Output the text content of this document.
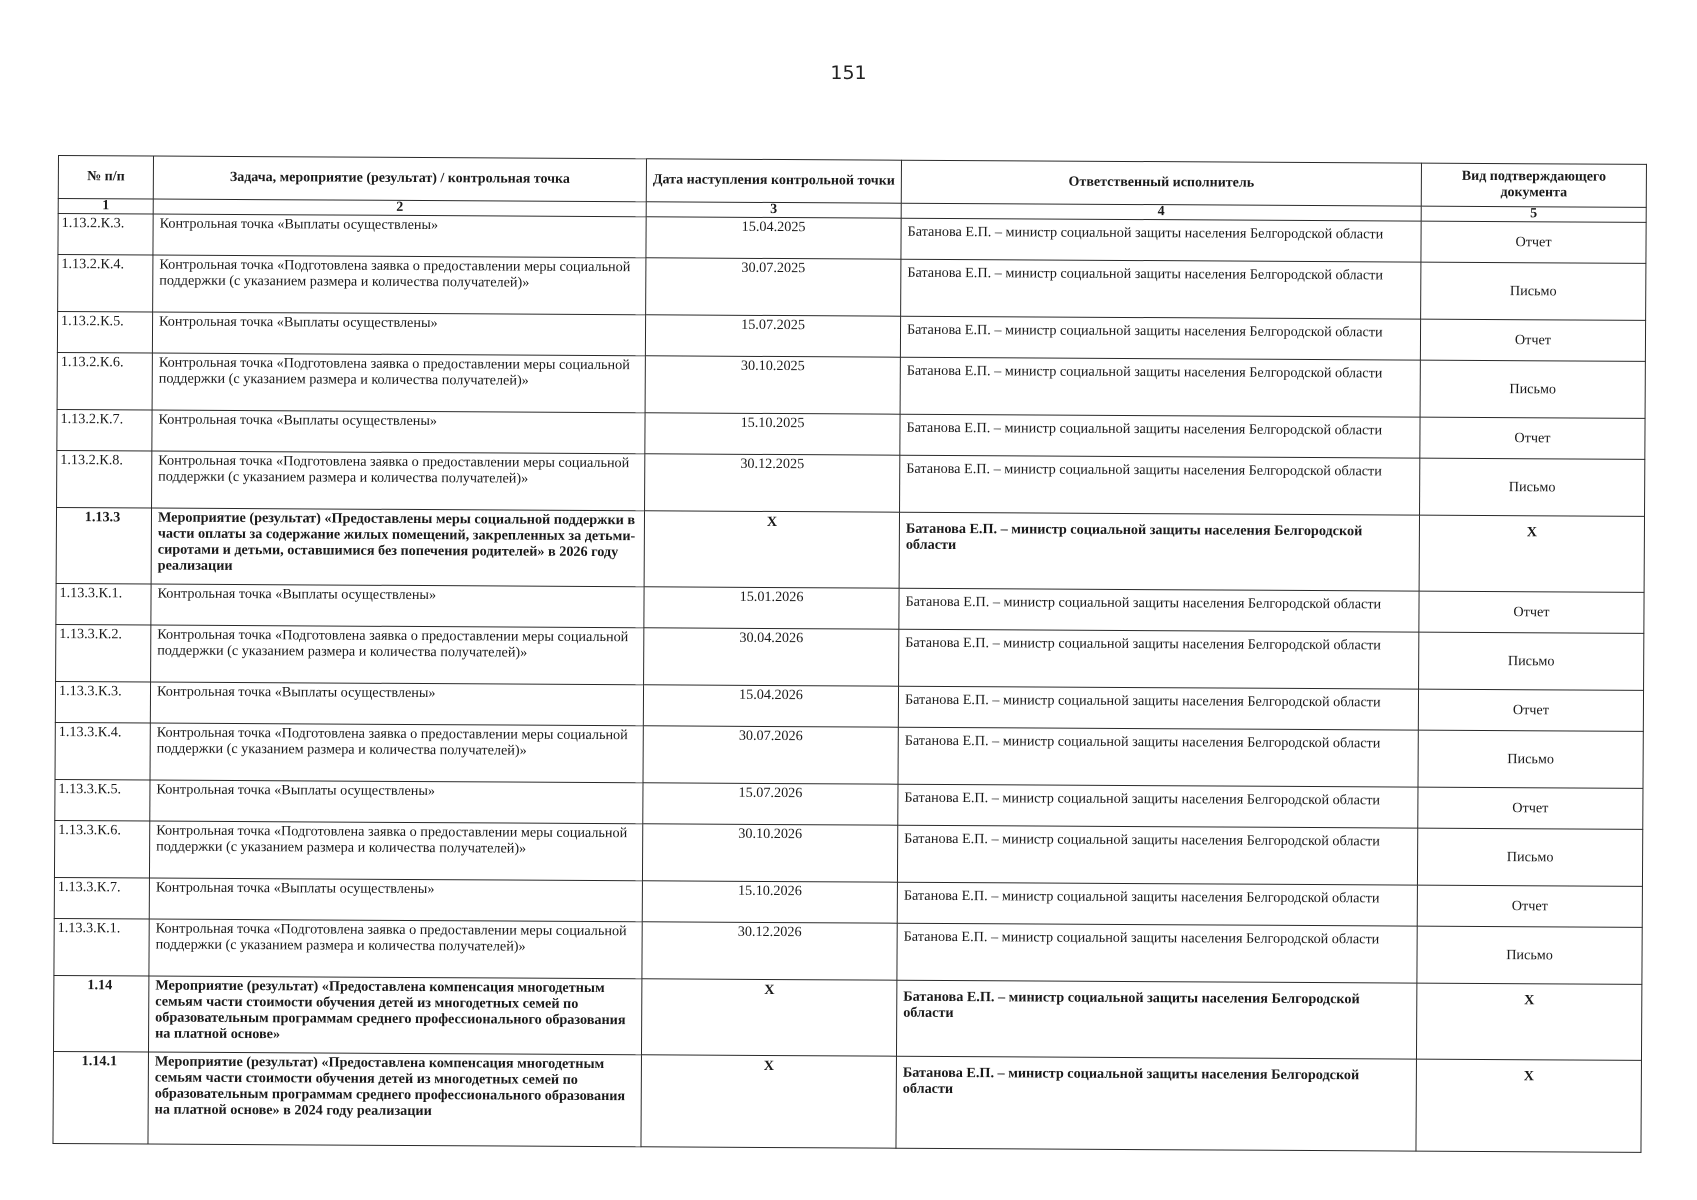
151
№ п/п	Задача, мероприятие (результат) / контрольная точка	Дата наступления контрольной точки	Ответственный исполнитель	Вид подтверждающего документа
1	2	3	4	5
1.13.2.К.3.	Контрольная точка «Выплаты осуществлены»	15.04.2025	Батанова Е.П. – министр социальной защиты населения Белгородской области	Отчет
1.13.2.К.4.	Контрольная точка «Подготовлена заявка о предоставлении меры социальной поддержки (с указанием размера и количества получателей)»	30.07.2025	Батанова Е.П. – министр социальной защиты населения Белгородской области	Письмо
1.13.2.К.5.	Контрольная точка «Выплаты осуществлены»	15.07.2025	Батанова Е.П. – министр социальной защиты населения Белгородской области	Отчет
1.13.2.К.6.	Контрольная точка «Подготовлена заявка о предоставлении меры социальной поддержки (с указанием размера и количества получателей)»	30.10.2025	Батанова Е.П. – министр социальной защиты населения Белгородской области	Письмо
1.13.2.К.7.	Контрольная точка «Выплаты осуществлены»	15.10.2025	Батанова Е.П. – министр социальной защиты населения Белгородской области	Отчет
1.13.2.К.8.	Контрольная точка «Подготовлена заявка о предоставлении меры социальной поддержки (с указанием размера и количества получателей)»	30.12.2025	Батанова Е.П. – министр социальной защиты населения Белгородской области	Письмо
1.13.3	Мероприятие (результат) «Предоставлены меры социальной поддержки в части оплаты за содержание жилых помещений, закрепленных за детьми-сиротами и детьми, оставшимися без попечения родителей» в 2026 году реализации	Х	Батанова Е.П. – министр социальной защиты населения Белгородской области	Х
1.13.3.К.1.	Контрольная точка «Выплаты осуществлены»	15.01.2026	Батанова Е.П. – министр социальной защиты населения Белгородской области	Отчет
1.13.3.К.2.	Контрольная точка «Подготовлена заявка о предоставлении меры социальной поддержки (с указанием размера и количества получателей)»	30.04.2026	Батанова Е.П. – министр социальной защиты населения Белгородской области	Письмо
1.13.3.К.3.	Контрольная точка «Выплаты осуществлены»	15.04.2026	Батанова Е.П. – министр социальной защиты населения Белгородской области	Отчет
1.13.3.К.4.	Контрольная точка «Подготовлена заявка о предоставлении меры социальной поддержки (с указанием размера и количества получателей)»	30.07.2026	Батанова Е.П. – министр социальной защиты населения Белгородской области	Письмо
1.13.3.К.5.	Контрольная точка «Выплаты осуществлены»	15.07.2026	Батанова Е.П. – министр социальной защиты населения Белгородской области	Отчет
1.13.3.К.6.	Контрольная точка «Подготовлена заявка о предоставлении меры социальной поддержки (с указанием размера и количества получателей)»	30.10.2026	Батанова Е.П. – министр социальной защиты населения Белгородской области	Письмо
1.13.3.К.7.	Контрольная точка «Выплаты осуществлены»	15.10.2026	Батанова Е.П. – министр социальной защиты населения Белгородской области	Отчет
1.13.3.К.1.	Контрольная точка «Подготовлена заявка о предоставлении меры социальной поддержки (с указанием размера и количества получателей)»	30.12.2026	Батанова Е.П. – министр социальной защиты населения Белгородской области	Письмо
1.14	Мероприятие (результат) «Предоставлена компенсация многодетным семьям части стоимости обучения детей из многодетных семей по образовательным программам среднего профессионального образования на платной основе»	Х	Батанова Е.П. – министр социальной защиты населения Белгородской области	Х
1.14.1	Мероприятие (результат) «Предоставлена компенсация многодетным семьям части стоимости обучения детей из многодетных семей по образовательным программам среднего профессионального образования на платной основе» в 2024 году реализации	Х	Батанова Е.П. – министр социальной защиты населения Белгородской области	Х
